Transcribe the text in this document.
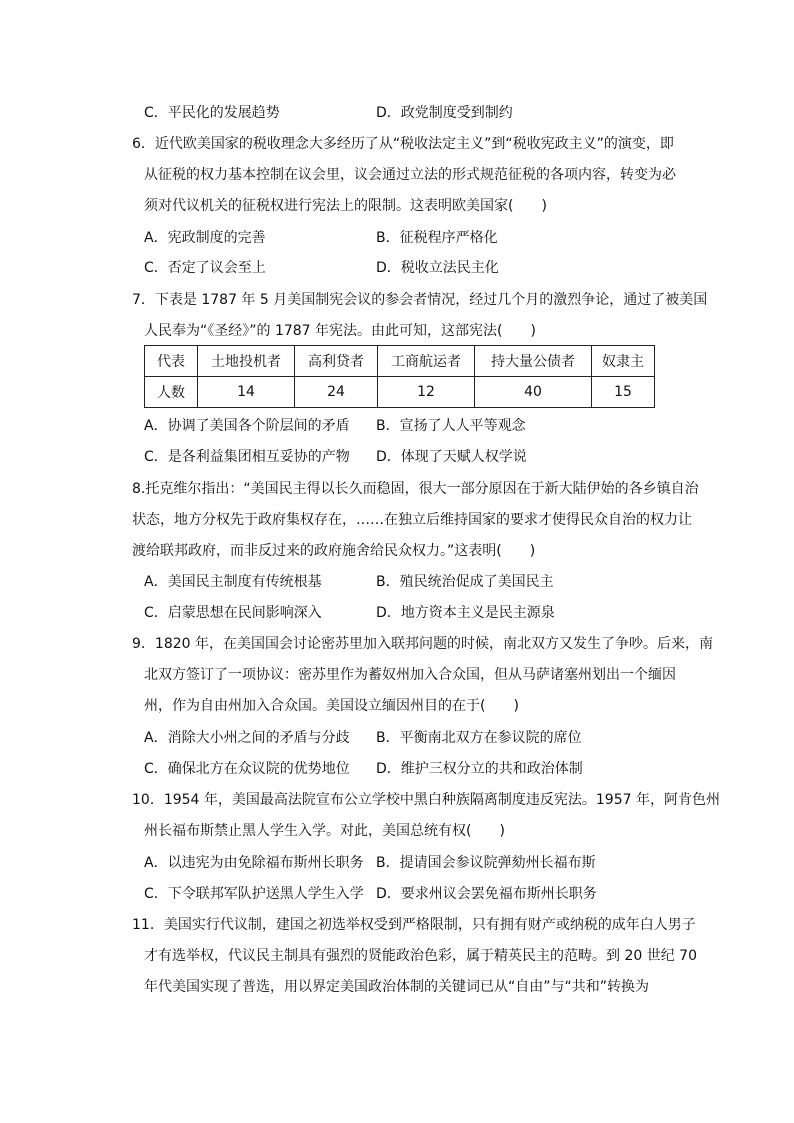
C．平民化的发展趋势	D．政党制度受到制约
6．近代欧美国家的税收理念大多经历了从“税收法定主义”到“税收宪政主义”的演变，即
从征税的权力基本控制在议会里，议会通过立法的形式规范征税的各项内容，转变为必
须对代议机关的征税权进行宪法上的限制。这表明欧美国家(　　)
A．宪政制度的完善	B．征税程序严格化
C．否定了议会至上	D．税收立法民主化
7．下表是 1787 年 5 月美国制宪会议的参会者情况，经过几个月的激烈争论，通过了被美国
人民奉为“《圣经》”的 1787 年宪法。由此可知，这部宪法(　　)
代表	土地投机者	高利贷者	工商航运者	持大量公债者	奴隶主
人数	14	24	12	40	15
A．协调了美国各个阶层间的矛盾 B．宣扬了人人平等观念
C．是各利益集团相互妥协的产物 D．体现了天赋人权学说
8.托克维尔指出：“美国民主得以长久而稳固，很大一部分原因在于新大陆伊始的各乡镇自治
状态，地方分权先于政府集权存在，……在独立后维持国家的要求才使得民众自治的权力让
渡给联邦政府，而非反过来的政府施舍给民众权力。”这表明(　　)
A．美国民主制度有传统根基	B．殖民统治促成了美国民主
C．启蒙思想在民间影响深入	D．地方资本主义是民主源泉
9．1820 年，在美国国会讨论密苏里加入联邦问题的时候，南北双方又发生了争吵。后来，南
北双方签订了一项协议：密苏里作为蓄奴州加入合众国，但从马萨诸塞州划出一个缅因
州，作为自由州加入合众国。美国设立缅因州目的在于(　　)
A．消除大小州之间的矛盾与分歧 B．平衡南北双方在参议院的席位
C．确保北方在众议院的优势地位 D．维护三权分立的共和政治体制
10．1954 年，美国最高法院宣布公立学校中黑白种族隔离制度违反宪法。1957 年，阿肯色州
州长福布斯禁止黑人学生入学。对此，美国总统有权(　　)
A．以违宪为由免除福布斯州长职务 B．提请国会参议院弹劾州长福布斯
C．下令联邦军队护送黑人学生入学 D．要求州议会罢免福布斯州长职务
11．美国实行代议制，建国之初选举权受到严格限制，只有拥有财产或纳税的成年白人男子
才有选举权，代议民主制具有强烈的贤能政治色彩，属于精英民主的范畴。到 20 世纪 70
年代美国实现了普选，用以界定美国政治体制的关键词已从“自由”与“共和”转换为
